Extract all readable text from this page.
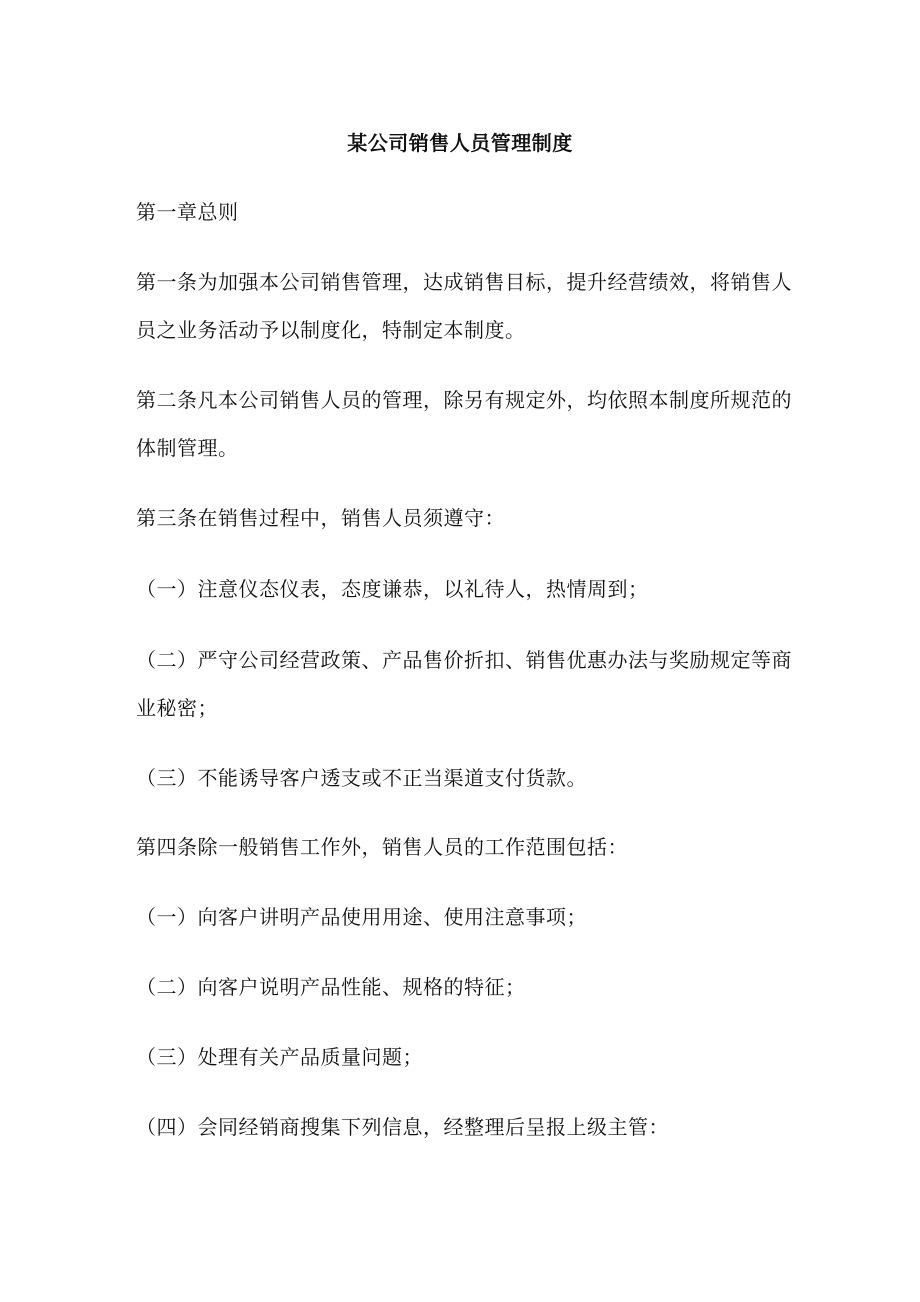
某公司销售人员管理制度
第一章总则
第一条为加强本公司销售管理，达成销售目标，提升经营绩效，将销售人
员之业务活动予以制度化，特制定本制度。
第二条凡本公司销售人员的管理，除另有规定外，均依照本制度所规范的
体制管理。
第三条在销售过程中，销售人员须遵守：
（一）注意仪态仪表，态度谦恭，以礼待人，热情周到；
（二）严守公司经营政策、产品售价折扣、销售优惠办法与奖励规定等商
业秘密；
（三）不能诱导客户透支或不正当渠道支付货款。
第四条除一般销售工作外，销售人员的工作范围包括：
（一）向客户讲明产品使用用途、使用注意事项；
（二）向客户说明产品性能、规格的特征；
（三）处理有关产品质量问题；
（四）会同经销商搜集下列信息，经整理后呈报上级主管：
